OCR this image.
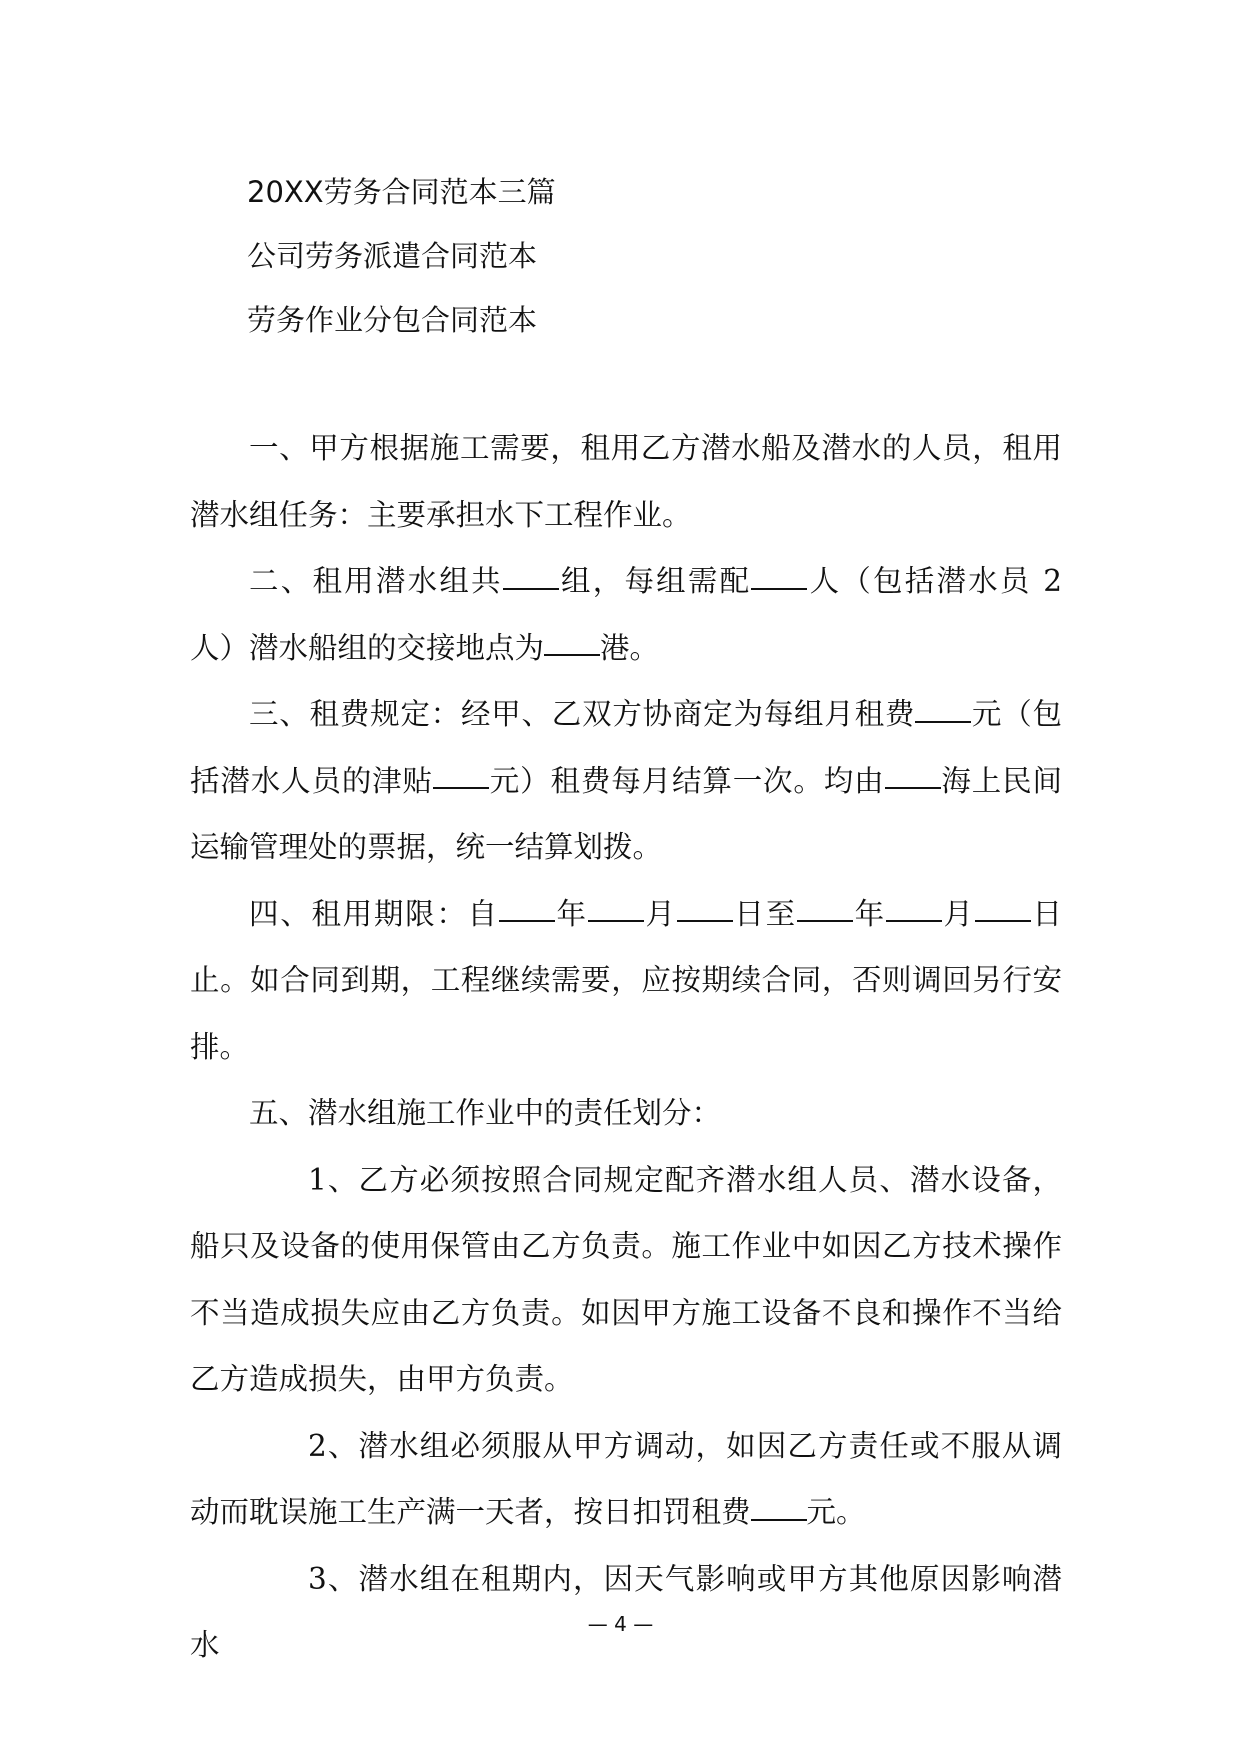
20XX劳务合同范本三篇
公司劳务派遣合同范本
劳务作业分包合同范本

一、甲方根据施工需要，租用乙方潜水船及潜水的人员，租用潜水组任务：主要承担水下工程作业。

二、租用潜水组共 组，每组需配 人（包括潜水员 2 人）潜水船组的交接地点为 港。

三、租费规定：经甲、乙双方协商定为每组月租费 元（包括潜水人员的津贴 元）租费每月结算一次。均由 海上民间运输管理处的票据，统一结算划拨。

四、租用期限：自 年 月 日至 年 月 日止。如合同到期，工程继续需要，应按期续合同，否则调回另行安排。

五、潜水组施工作业中的责任划分：

1、乙方必须按照合同规定配齐潜水组人员、潜水设备，船只及设备的使用保管由乙方负责。施工作业中如因乙方技术操作不当造成损失应由乙方负责。如因甲方施工设备不良和操作不当给乙方造成损失，由甲方负责。

2、潜水组必须服从甲方调动，如因乙方责任或不服从调动而耽误施工生产满一天者，按日扣罚租费 元。

3、潜水组在租期内，因天气影响或甲方其他原因影响潜水

— 4 —
